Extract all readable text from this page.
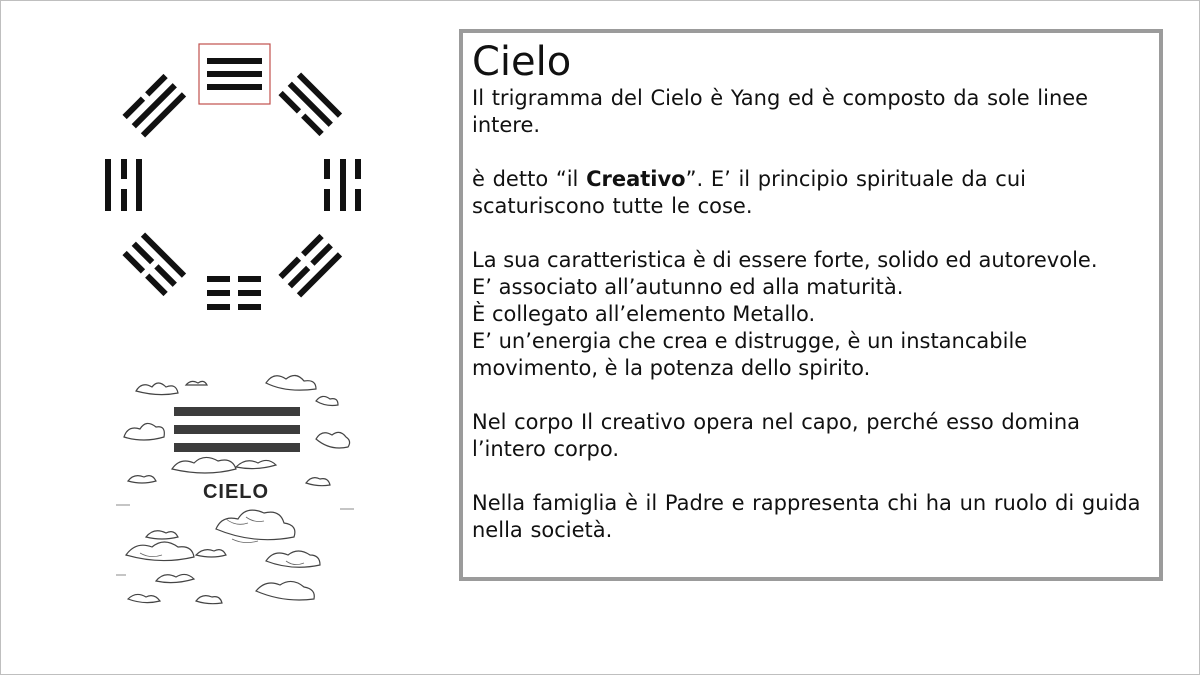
CIELO
Cielo

Il trigramma del Cielo è Yang ed è composto da sole linee intere.

è detto “il Creativo”. E’ il principio spirituale da cui scaturiscono tutte le cose.

La sua caratteristica è di essere forte, solido ed autorevole.
E’ associato all’autunno ed alla maturità.
È collegato all’elemento Metallo.
E’ un’energia che crea e distrugge, è un instancabile movimento, è la potenza dello spirito.

Nel corpo Il creativo opera nel capo, perché esso domina l’intero corpo.

Nella famiglia è il Padre e rappresenta chi ha un ruolo di guida nella società.
